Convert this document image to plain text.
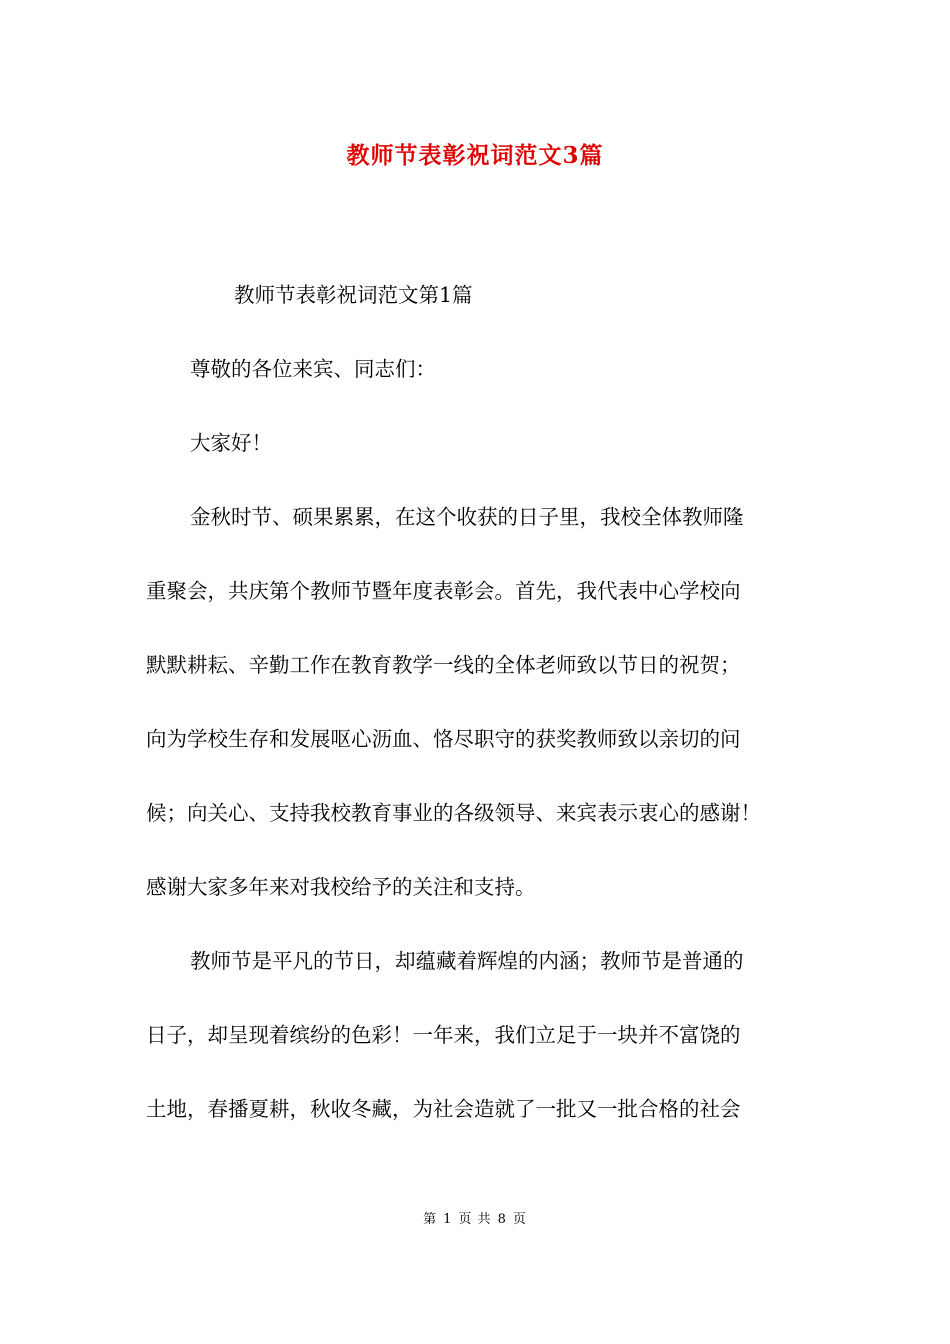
教师节表彰祝词范文3篇
教师节表彰祝词范文第1篇
尊敬的各位来宾、同志们：
大家好！
金秋时节、硕果累累，在这个收获的日子里，我校全体教师隆
重聚会，共庆第个教师节暨年度表彰会。首先，我代表中心学校向
默默耕耘、辛勤工作在教育教学一线的全体老师致以节日的祝贺；
向为学校生存和发展呕心沥血、恪尽职守的获奖教师致以亲切的问
候；向关心、支持我校教育事业的各级领导、来宾表示衷心的感谢！
感谢大家多年来对我校给予的关注和支持。
教师节是平凡的节日，却蕴藏着辉煌的内涵；教师节是普通的
日子，却呈现着缤纷的色彩！一年来，我们立足于一块并不富饶的
土地，春播夏耕，秋收冬藏，为社会造就了一批又一批合格的社会
第 1 页 共 8 页
